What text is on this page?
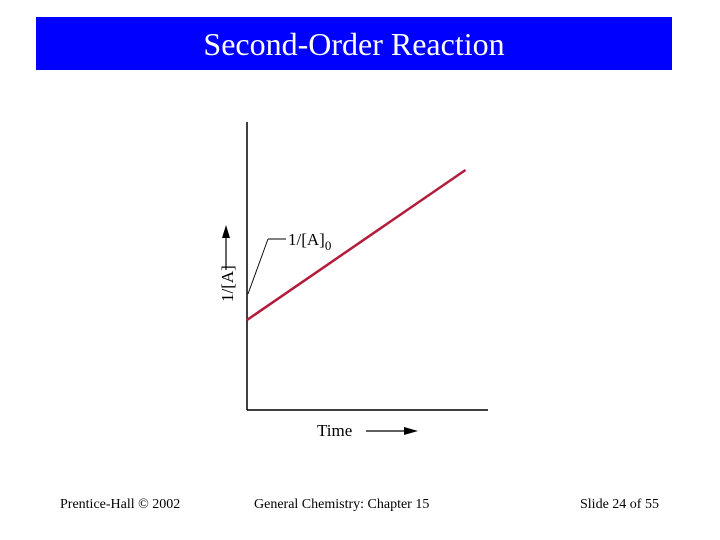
Second-Order Reaction
1/[A]
Time
$1/[A]_0$
Prentice-Hall © 2002	General Chemistry: Chapter 15	Slide 24 of 55
